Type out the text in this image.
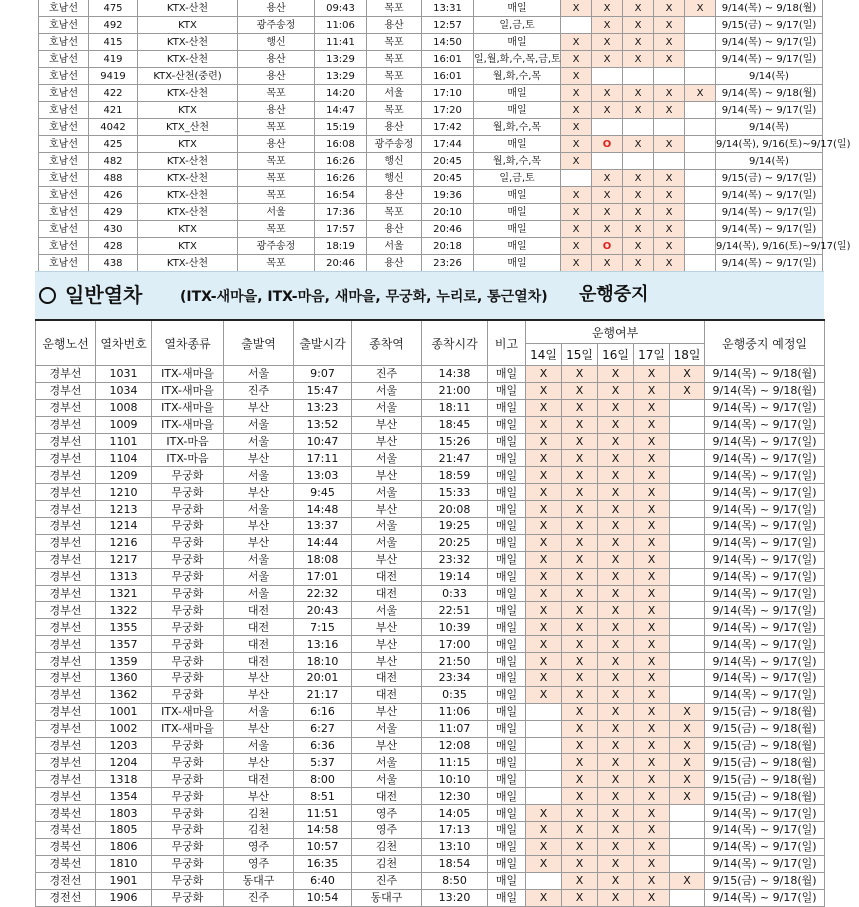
호남선	475	KTX-산천	용산	09:43	목포	13:31	매일	X	X	X	X	X	9/14(목) ~ 9/18(월)
호남선	492	KTX	광주송정	11:06	용산	12:57	일,금,토		X	X	X		9/15(금) ~ 9/17(일)
호남선	415	KTX-산천	행신	11:41	목포	14:50	매일	X	X	X	X		9/14(목) ~ 9/17(일)
호남선	419	KTX-산천	용산	13:29	목포	16:01	일,월,화,수,목,금,토	X	X	X	X		9/14(목) ~ 9/17(일)
호남선	9419	KTX-산천(중련)	용산	13:29	목포	16:01	월,화,수,목	X					9/14(목)
호남선	422	KTX-산천	목포	14:20	서울	17:10	매일	X	X	X	X	X	9/14(목) ~ 9/18(월)
호남선	421	KTX	용산	14:47	목포	17:20	매일	X	X	X	X		9/14(목) ~ 9/17(일)
호남선	4042	KTX_산천	목포	15:19	용산	17:42	월,화,수,목	X					9/14(목)
호남선	425	KTX	용산	16:08	광주송정	17:44	매일	X	O	X	X		9/14(목), 9/16(토)~9/17(일)
호남선	482	KTX-산천	목포	16:26	행신	20:45	월,화,수,목	X					9/14(목)
호남선	488	KTX-산천	목포	16:26	행신	20:45	일,금,토		X	X	X		9/15(금) ~ 9/17(일)
호남선	426	KTX-산천	목포	16:54	용산	19:36	매일	X	X	X	X		9/14(목) ~ 9/17(일)
호남선	429	KTX-산천	서울	17:36	목포	20:10	매일	X	X	X	X		9/14(목) ~ 9/17(일)
호남선	430	KTX	목포	17:57	용산	20:46	매일	X	X	X	X		9/14(목) ~ 9/17(일)
호남선	428	KTX	광주송정	18:19	서울	20:18	매일	X	O	X	X		9/14(목), 9/16(토)~9/17(일)
호남선	438	KTX-산천	목포	20:46	용산	23:26	매일	X	X	X	X		9/14(목) ~ 9/17(일)

일반열차	(ITX-새마을, ITX-마음, 새마을, 무궁화, 누리로, 통근열차) 운행중지
운행노선	열차번호	열차종류	출발역	출발시각	종착역	종착시각	비고	운행여부					운행중지 예정일
								14일	15일	16일	17일	18일	
경부선	1031	ITX-새마을	서울	9:07	진주	14:38	매일	X	X	X	X	X	9/14(목) ~ 9/18(월)
경부선	1034	ITX-새마을	진주	15:47	서울	21:00	매일	X	X	X	X	X	9/14(목) ~ 9/18(월)
경부선	1008	ITX-새마을	부산	13:23	서울	18:11	매일	X	X	X	X		9/14(목) ~ 9/17(일)
경부선	1009	ITX-새마을	서울	13:52	부산	18:45	매일	X	X	X	X		9/14(목) ~ 9/17(일)
경부선	1101	ITX-마음	서울	10:47	부산	15:26	매일	X	X	X	X		9/14(목) ~ 9/17(일)
경부선	1104	ITX-마음	부산	17:11	서울	21:47	매일	X	X	X	X		9/14(목) ~ 9/17(일)
경부선	1209	무궁화	서울	13:03	부산	18:59	매일	X	X	X	X		9/14(목) ~ 9/17(일)
경부선	1210	무궁화	부산	9:45	서울	15:33	매일	X	X	X	X		9/14(목) ~ 9/17(일)
경부선	1213	무궁화	서울	14:48	부산	20:08	매일	X	X	X	X		9/14(목) ~ 9/17(일)
경부선	1214	무궁화	부산	13:37	서울	19:25	매일	X	X	X	X		9/14(목) ~ 9/17(일)
경부선	1216	무궁화	부산	14:44	서울	20:25	매일	X	X	X	X		9/14(목) ~ 9/17(일)
경부선	1217	무궁화	서울	18:08	부산	23:32	매일	X	X	X	X		9/14(목) ~ 9/17(일)
경부선	1313	무궁화	서울	17:01	대전	19:14	매일	X	X	X	X		9/14(목) ~ 9/17(일)
경부선	1321	무궁화	서울	22:32	대전	0:33	매일	X	X	X	X		9/14(목) ~ 9/17(일)
경부선	1322	무궁화	대전	20:43	서울	22:51	매일	X	X	X	X		9/14(목) ~ 9/17(일)
경부선	1355	무궁화	대전	7:15	부산	10:39	매일	X	X	X	X		9/14(목) ~ 9/17(일)
경부선	1357	무궁화	대전	13:16	부산	17:00	매일	X	X	X	X		9/14(목) ~ 9/17(일)
경부선	1359	무궁화	대전	18:10	부산	21:50	매일	X	X	X	X		9/14(목) ~ 9/17(일)
경부선	1360	무궁화	부산	20:01	대전	23:34	매일	X	X	X	X		9/14(목) ~ 9/17(일)
경부선	1362	무궁화	부산	21:17	대전	0:35	매일	X	X	X	X		9/14(목) ~ 9/17(일)
경부선	1001	ITX-새마을	서울	6:16	부산	11:06	매일		X	X	X	X	9/15(금) ~ 9/18(월)
경부선	1002	ITX-새마을	부산	6:27	서울	11:07	매일		X	X	X	X	9/15(금) ~ 9/18(월)
경부선	1203	무궁화	서울	6:36	부산	12:08	매일		X	X	X	X	9/15(금) ~ 9/18(월)
경부선	1204	무궁화	부산	5:37	서울	11:15	매일		X	X	X	X	9/15(금) ~ 9/18(월)
경부선	1318	무궁화	대전	8:00	서울	10:10	매일		X	X	X	X	9/15(금) ~ 9/18(월)
경부선	1354	무궁화	부산	8:51	대전	12:30	매일		X	X	X	X	9/15(금) ~ 9/18(월)
경북선	1803	무궁화	김천	11:51	영주	14:05	매일	X	X	X	X		9/14(목) ~ 9/17(일)
경북선	1805	무궁화	김천	14:58	영주	17:13	매일	X	X	X	X		9/14(목) ~ 9/17(일)
경북선	1806	무궁화	영주	10:57	김천	13:10	매일	X	X	X	X		9/14(목) ~ 9/17(일)
경북선	1810	무궁화	영주	16:35	김천	18:54	매일	X	X	X	X		9/14(목) ~ 9/17(일)
경전선	1901	무궁화	동대구	6:40	진주	8:50	매일		X	X	X	X	9/15(금) ~ 9/18(월)
경전선	1906	무궁화	진주	10:54	동대구	13:20	매일	X	X	X	X		9/14(목) ~ 9/17(일)
